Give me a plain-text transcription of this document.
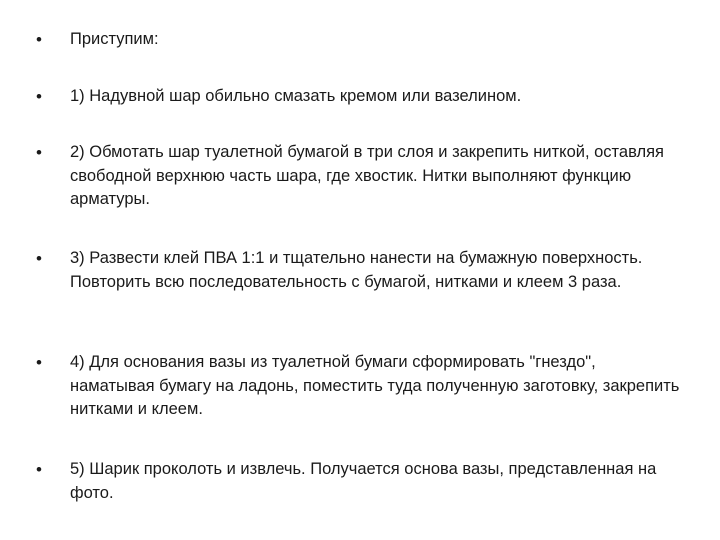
•	Приступим:
•	1) Надувной шар обильно смазать кремом или вазелином.
•	2) Обмотать шар туалетной бумагой в три слоя и закрепить ниткой, оставляя свободной верхнюю часть шара, где хвостик. Нитки выполняют функцию арматуры.
•	3) Развести клей ПВА 1:1 и тщательно нанести на бумажную поверхность. Повторить всю последовательность с бумагой, нитками и клеем 3 раза.
•	4) Для основания вазы из туалетной бумаги сформировать "гнездо", наматывая бумагу на ладонь, поместить туда полученную заготовку, закрепить нитками и клеем.
•	5) Шарик проколоть и извлечь. Получается основа вазы, представленная на фото.
